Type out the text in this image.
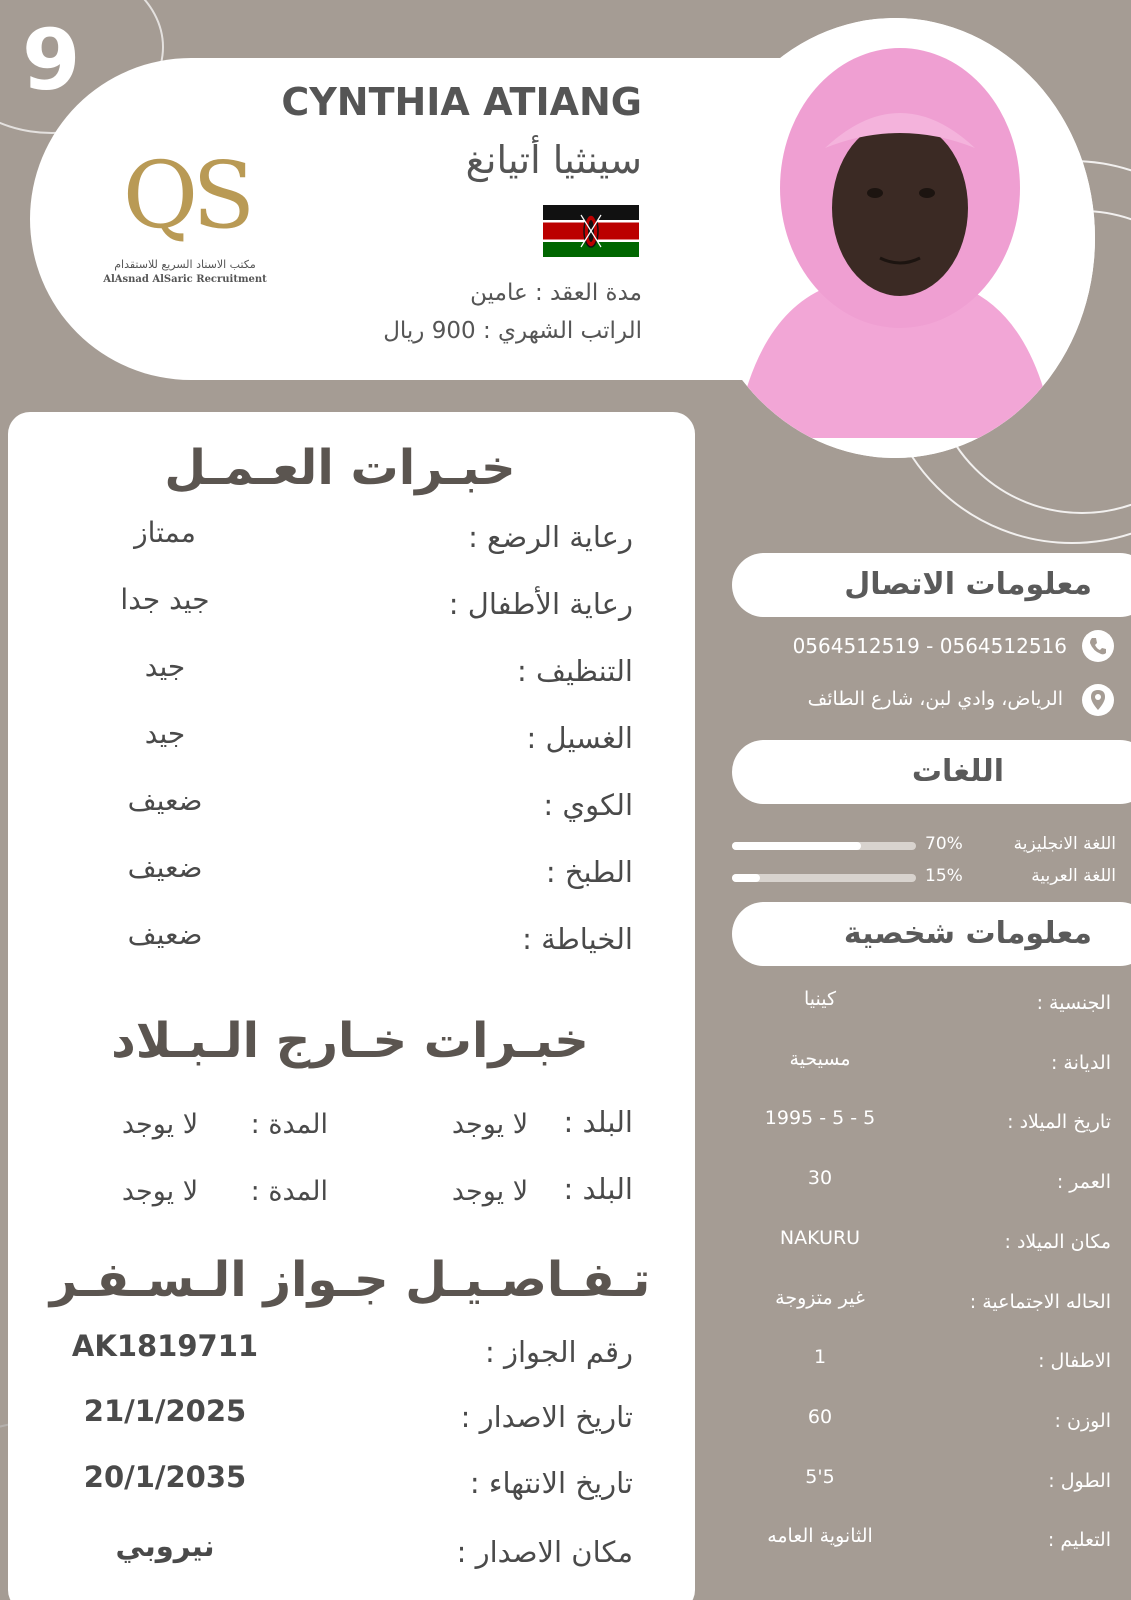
9
QS
مكتب الاسناد السريع للاستقدام
AlAsnad AlSaric Recruitment
CYNTHIA ATIANG
سينثيا أتيانغ
مدة العقد : عامين
الراتب الشهري : 900 ريال
خبـرات العـمـل
رعاية الرضع :
ممتاز
رعاية الأطفال :
جيد جدا
التنظيف :
جيد
الغسيل :
جيد
الكوي :
ضعيف
الطبخ :
ضعيف
الخياطة :
ضعيف
خبـرات خـارج الـبـلاد
البلد :
لا يوجد
المدة :
لا يوجد
البلد :
لا يوجد
المدة :
لا يوجد
تـفـاصـيـل جـواز الـسـفـر
رقم الجواز :
AK1819711
تاريخ الاصدار :
21/1/2025
تاريخ الانتهاء :
20/1/2035
مكان الاصدار :
نيروبي
معلومات الاتصال
0564512519 - 0564512516
الرياض، وادي لبن، شارع الطائف
اللغات
اللغة الانجليزية
70%
اللغة العربية
15%
معلومات شخصية
الجنسية :
كينيا
الديانة :
مسيحية
تاريخ الميلاد :
1995 - 5 - 5
العمر :
30
مكان الميلاد :
NAKURU
الحاله الاجتماعية :
غير متزوجة
الاطفال :
1
الوزن :
60
الطول :
5'5
التعليم :
الثانوية العامه
